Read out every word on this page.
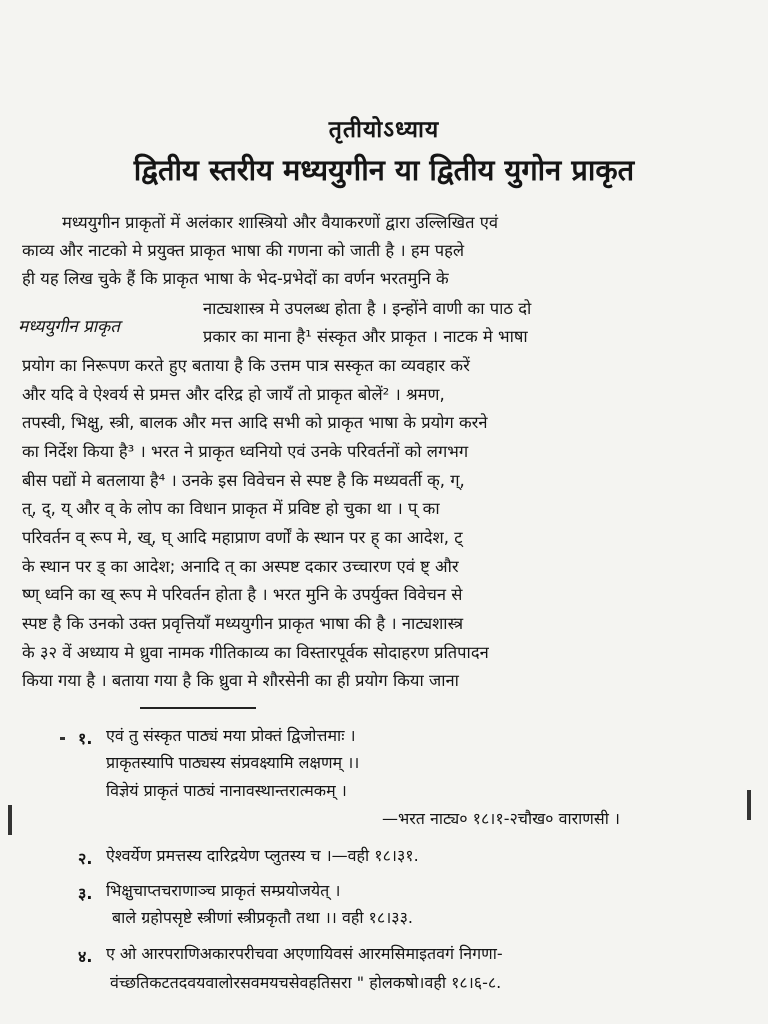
तृतीयोऽध्याय
द्वितीय स्तरीय मध्ययुगीन या द्वितीय युगोन प्राकृत
मध्ययुगीन प्राकृतों में अलंकार शास्त्रियो और वैयाकरणों द्वारा उल्लिखित एवं
काव्य और नाटको मे प्रयुक्त प्राकृत भाषा की गणना को जाती है । हम पहले
ही यह लिख चुके हैं कि प्राकृत भाषा के भेद-प्रभेदों का वर्णन भरतमुनि के
नाट्यशास्त्र मे उपलब्ध होता है । इन्होंने वाणी का पाठ दो
प्रकार का माना है¹ संस्कृत और प्राकृत । नाटक मे भाषा
प्रयोग का निरूपण करते हुए बताया है कि उत्तम पात्र सस्कृत का व्यवहार करें
और यदि वे ऐश्वर्य से प्रमत्त और दरिद्र हो जायँ तो प्राकृत बोलें² । श्रमण,
तपस्वी, भिक्षु, स्त्री, बालक और मत्त आदि सभी को प्राकृत भाषा के प्रयोग करने
का निर्देश किया है³ । भरत ने प्राकृत ध्वनियो एवं उनके परिवर्तनों को लगभग
बीस पद्यों मे बतलाया है⁴ । उनके इस विवेचन से स्पष्ट है कि मध्यवर्ती क्, ग्,
त्, द्, य् और व् के लोप का विधान प्राकृत में प्रविष्ट हो चुका था । प् का
परिवर्तन व् रूप मे, ख्, घ् आदि महाप्राण वर्णों के स्थान पर ह् का आदेश, ट्
के स्थान पर ड् का आदेश; अनादि त् का अस्पष्ट दकार उच्चारण एवं ष्ट् और
ष्ण् ध्वनि का ख् रूप मे परिवर्तन होता है । भरत मुनि के उपर्युक्त विवेचन से
स्पष्ट है कि उनको उक्त प्रवृत्तियाँ मध्ययुगीन प्राकृत भाषा की है । नाट्यशास्त्र
के ३२ वें अध्याय मे ध्रुवा नामक गीतिकाव्य का विस्तारपूर्वक सोदाहरण प्रतिपादन
किया गया है । बताया गया है कि ध्रुवा मे शौरसेनी का ही प्रयोग किया जाना
मध्ययुगीन प्राकृत
१. एवं तु संस्कृत पाठ्यं मया प्रोक्तं द्विजोत्तमाः ।
प्राकृतस्यापि पाठ्यस्य संप्रवक्ष्यामि लक्षणम् ।।
विज्ञेयं प्राकृतं पाठ्यं नानावस्थान्तरात्मकम् ।
—भरत नाट्य० १८।१-२चौख० वाराणसी ।
२. ऐश्वर्येण प्रमत्तस्य दारिद्रयेण प्लुतस्य च ।—वही १८।३१.
३. भिक्षुचाप्तचराणाञ्च प्राकृतं सम्प्रयोजयेत् ।
बाले ग्रहोपसृष्टे स्त्रीणां स्त्रीप्रकृतौ तथा ।। वही १८।३३.
४. ए ओ आरपराणिअकारपरीचवा अएणायिवसं आरमसिमाइतवगं निगणा-
वंच्छतिकटतदवयवालोरसवमयचसेवहतिसरा " होलकषो।वही १८।६-८.
